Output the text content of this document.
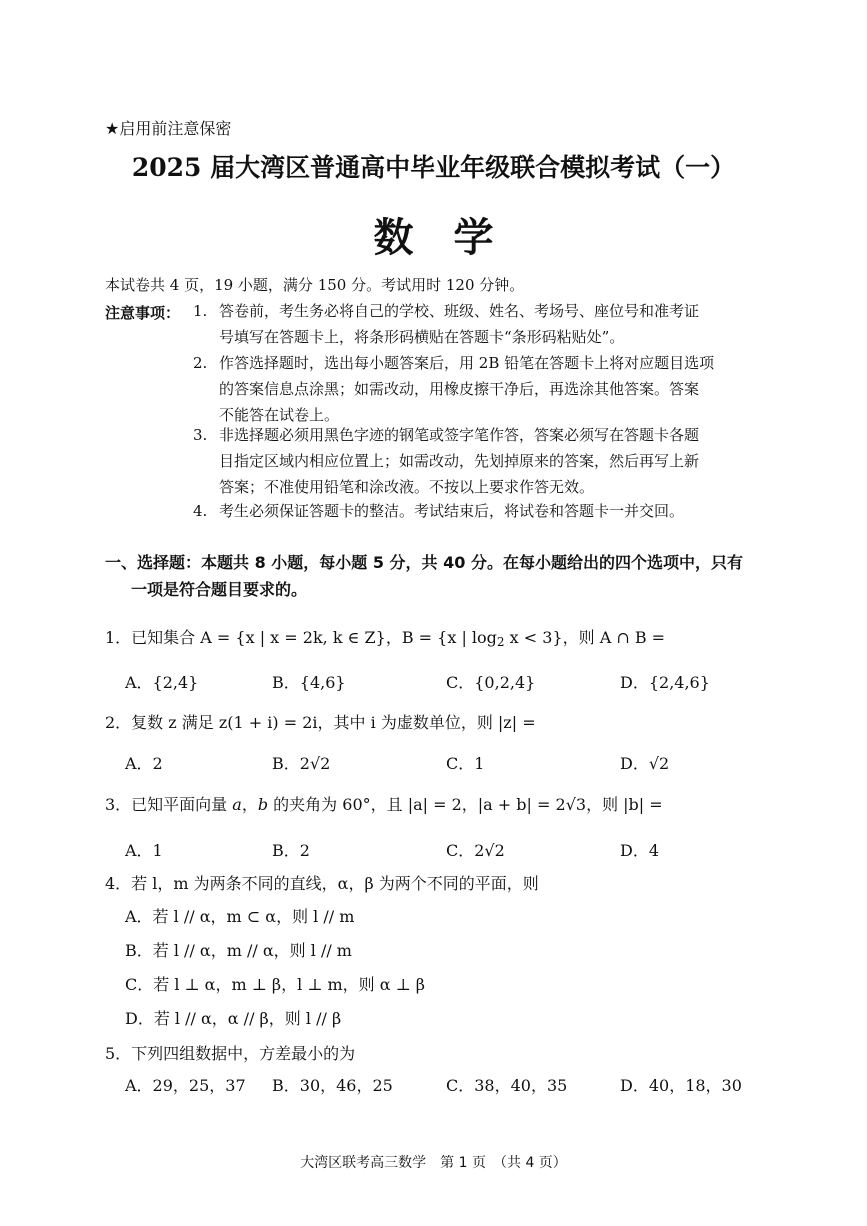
★启用前注意保密
2025 届大湾区普通高中毕业年级联合模拟考试（一）
数学
本试卷共 4 页，19 小题，满分 150 分。考试用时 120 分钟。
注意事项： 1. 答卷前，考生务必将自己的学校、班级、姓名、考场号、座位号和准考证
号填写在答题卡上，将条形码横贴在答题卡“条形码粘贴处”。
2. 作答选择题时，选出每小题答案后，用 2B 铅笔在答题卡上将对应题目选项
的答案信息点涂黑；如需改动，用橡皮擦干净后，再选涂其他答案。答案
不能答在试卷上。
3. 非选择题必须用黑色字迹的钢笔或签字笔作答，答案必须写在答题卡各题
目指定区域内相应位置上；如需改动，先划掉原来的答案，然后再写上新
答案；不准使用铅笔和涂改液。不按以上要求作答无效。
4. 考生必须保证答题卡的整洁。考试结束后，将试卷和答题卡一并交回。
一、选择题：本题共 8 小题，每小题 5 分，共 40 分。在每小题给出的四个选项中，只有
一项是符合题目要求的。
1．已知集合 A = {x | x = 2k, k ∈ Z}，B = {x | $\log_2 x < 3$}，则 A ∩ B =
A．{2,4}	B．{4,6}	C．{0,2,4}	D．{2,4,6}
2．复数 z 满足 z(1 + i) = 2i，其中 i 为虚数单位，则 |z| =
A．2	B．2√2	C．1	D．√2
3．已知平面向量 a，b 的夹角为 60°，且 |a| = 2，|a + b| = 2√3，则 |b| =
A．1	B．2	C．2√2	D．4
4．若 l，m 为两条不同的直线，α，β 为两个不同的平面，则
A．若 l // α，m ⊂ α，则 l // m
B．若 l // α，m // α，则 l // m
C．若 l ⊥ α，m ⊥ β，l ⊥ m，则 α ⊥ β
D．若 l // α，α // β，则 l // β
5．下列四组数据中，方差最小的为
A．29，25，37 B．30，46，25	C．38，40，35	D．40，18，30
大湾区联考高三数学　第 1 页　（共 4 页）
